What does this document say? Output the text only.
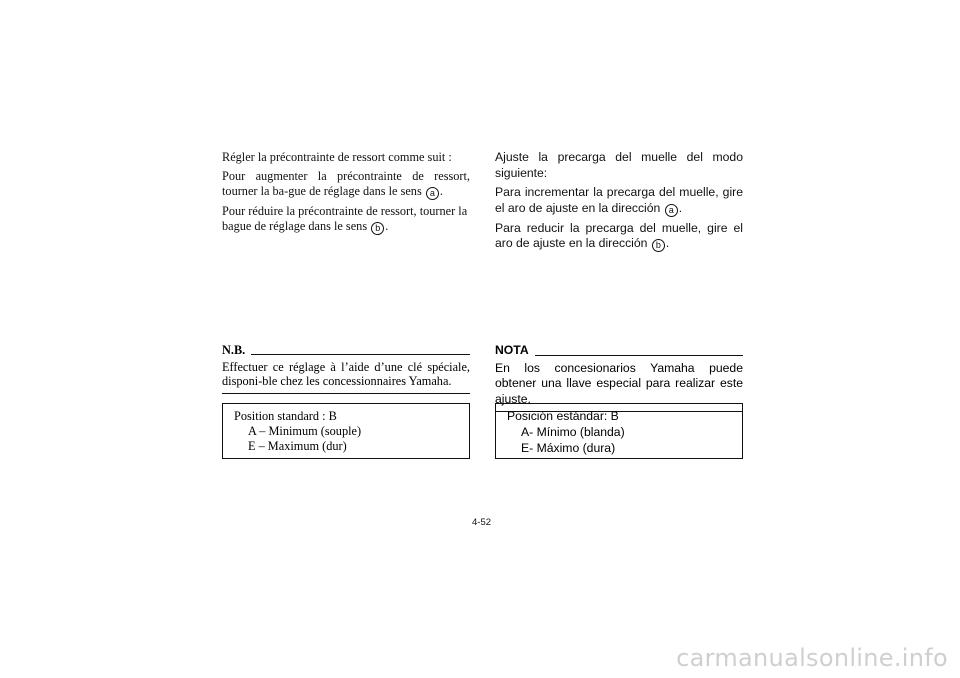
Régler la précontrainte de ressort comme suit :

Pour augmenter la précontrainte de ressort, tourner la ba-gue de réglage dans le sens a .

Pour réduire la précontrainte de ressort, tourner la bague de réglage dans le sens b .

Ajuste la precarga del muelle del modo siguiente:

Para incrementar la precarga del muelle, gire el aro de ajuste en la dirección a .

Para reducir la precarga del muelle, gire el aro de ajuste en la dirección b .

N.B.
Effectuer ce réglage à l’aide d’une clé spéciale, disponi-ble chez les concessionnaires Yamaha.
NOTA
En los concesionarios Yamaha puede obtener una llave especial para realizar este ajuste.
Position standard : B
A – Minimum (souple)
E – Maximum (dur)
Posición estándar: B
A- Mínimo (blanda)
E- Máximo (dura)
4-52
carmanualsonline.info
